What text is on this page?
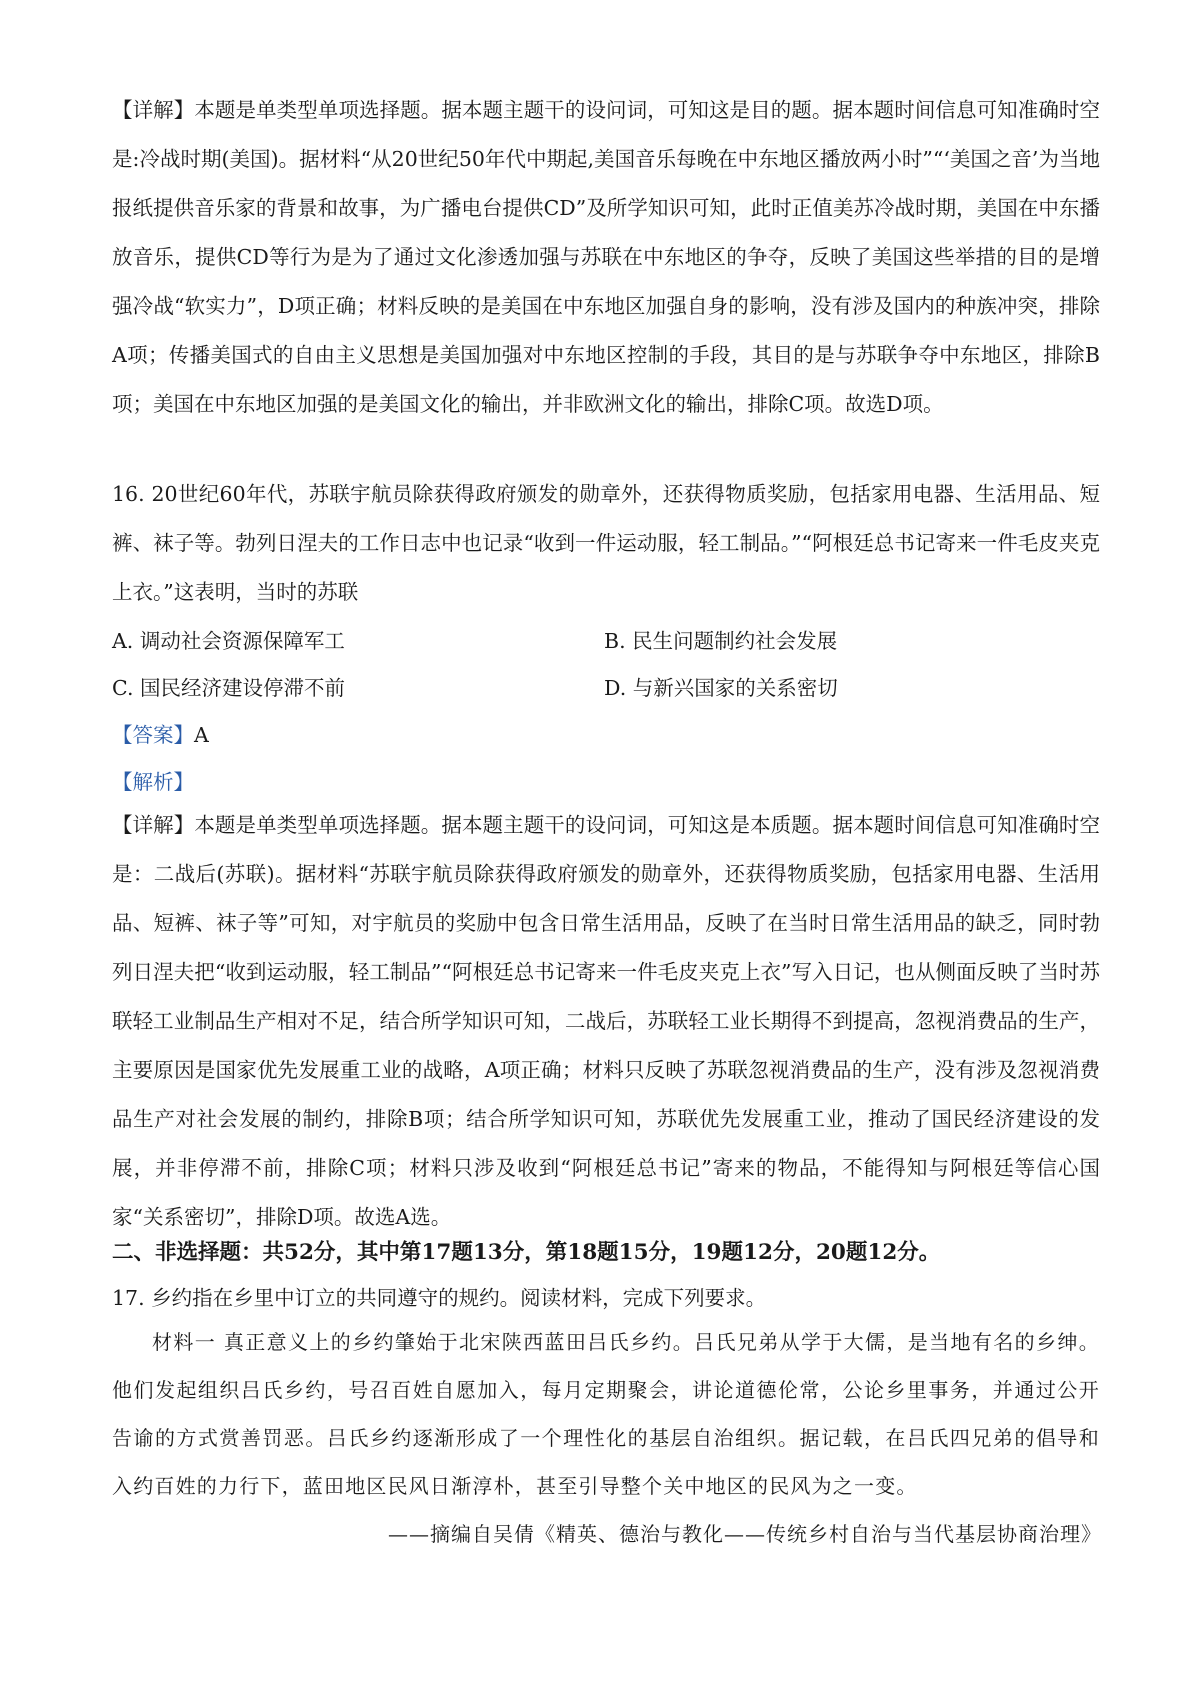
【详解】本题是单类型单项选择题。据本题主题干的设问词，可知这是目的题。据本题时间信息可知准确时空是:冷战时期(美国)。据材料“从20世纪50年代中期起,美国音乐每晚在中东地区播放两小时”“‘美国之音’为当地报纸提供音乐家的背景和故事，为广播电台提供CD”及所学知识可知，此时正值美苏冷战时期，美国在中东播放音乐，提供CD等行为是为了通过文化渗透加强与苏联在中东地区的争夺，反映了美国这些举措的目的是增强冷战“软实力”，D项正确；材料反映的是美国在中东地区加强自身的影响，没有涉及国内的种族冲突，排除A项；传播美国式的自由主义思想是美国加强对中东地区控制的手段，其目的是与苏联争夺中东地区，排除B项；美国在中东地区加强的是美国文化的输出，并非欧洲文化的输出，排除C项。故选D项。

16. 20世纪60年代，苏联宇航员除获得政府颁发的勋章外，还获得物质奖励，包括家用电器、生活用品、短裤、袜子等。勃列日涅夫的工作日志中也记录“收到一件运动服，轻工制品。”“阿根廷总书记寄来一件毛皮夹克上衣。”这表明，当时的苏联

A. 调动社会资源保障军工	B. 民生问题制约社会发展
C. 国民经济建设停滞不前	D. 与新兴国家的关系密切
【答案】A
【解析】

【详解】本题是单类型单项选择题。据本题主题干的设问词，可知这是本质题。据本题时间信息可知准确时空是：二战后(苏联)。据材料“苏联宇航员除获得政府颁发的勋章外，还获得物质奖励，包括家用电器、生活用品、短裤、袜子等”可知，对宇航员的奖励中包含日常生活用品，反映了在当时日常生活用品的缺乏，同时勃列日涅夫把“收到运动服，轻工制品”“阿根廷总书记寄来一件毛皮夹克上衣”写入日记，也从侧面反映了当时苏联轻工业制品生产相对不足，结合所学知识可知，二战后，苏联轻工业长期得不到提高，忽视消费品的生产，主要原因是国家优先发展重工业的战略，A项正确；材料只反映了苏联忽视消费品的生产，没有涉及忽视消费品生产对社会发展的制约，排除B项；结合所学知识可知，苏联优先发展重工业，推动了国民经济建设的发展，并非停滞不前，排除C项；材料只涉及收到“阿根廷总书记”寄来的物品，不能得知与阿根廷等信心国家“关系密切”，排除D项。故选A选。

二、非选择题：共52分，其中第17题13分，第18题15分，19题12分，20题12分。
17. 乡约指在乡里中订立的共同遵守的规约。阅读材料，完成下列要求。

材料一 真正意义上的乡约肇始于北宋陕西蓝田吕氏乡约。吕氏兄弟从学于大儒，是当地有名的乡绅。他们发起组织吕氏乡约，号召百姓自愿加入，每月定期聚会，讲论道德伦常，公论乡里事务，并通过公开告谕的方式赏善罚恶。吕氏乡约逐渐形成了一个理性化的基层自治组织。据记载，在吕氏四兄弟的倡导和入约百姓的力行下，蓝田地区民风日渐淳朴，甚至引导整个关中地区的民风为之一变。

——摘编自吴倩《精英、德治与教化——传统乡村自治与当代基层协商治理》
